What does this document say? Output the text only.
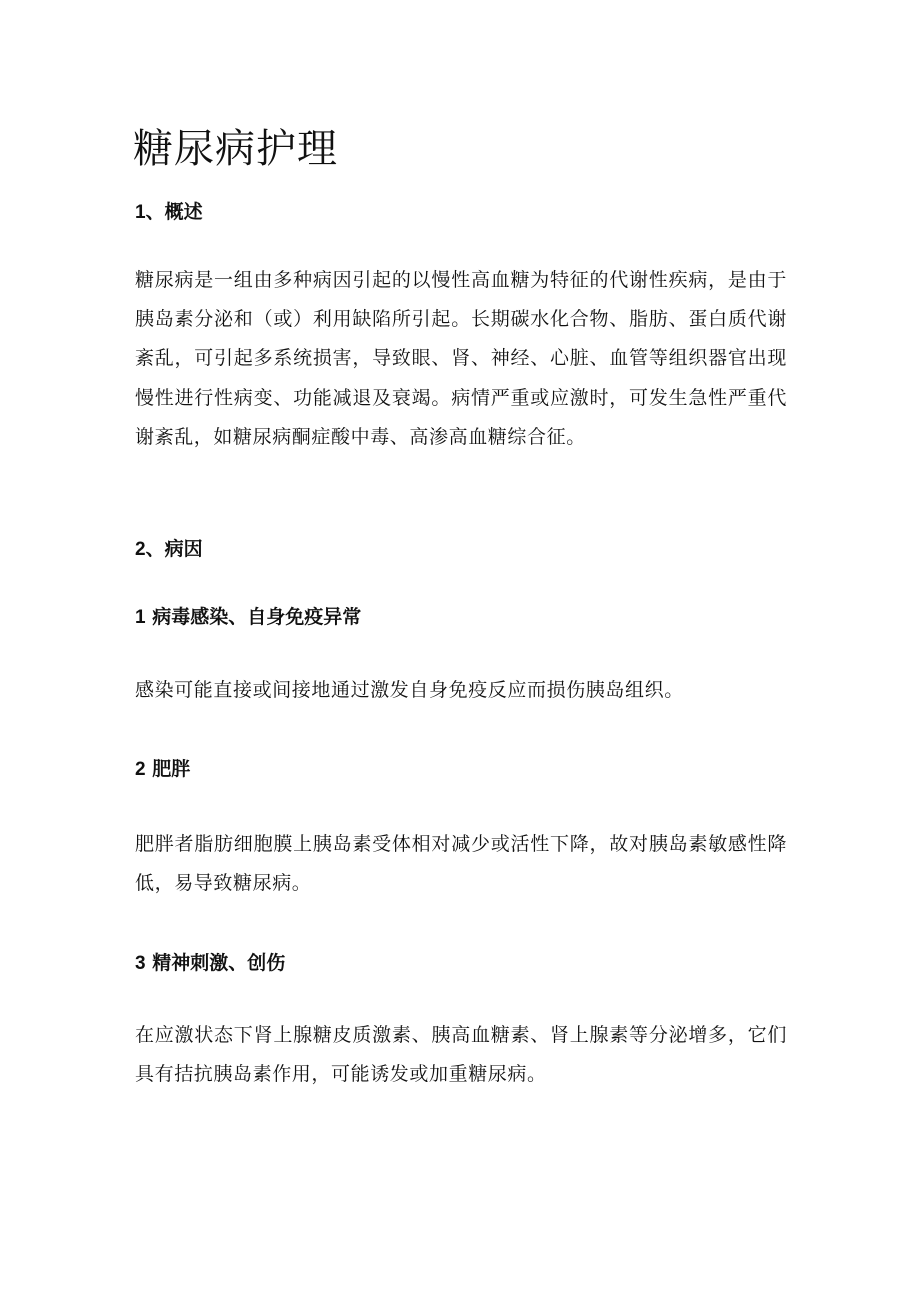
糖尿病护理
1、概述

糖尿病是一组由多种病因引起的以慢性高血糖为特征的代谢性疾病，是由于胰岛素分泌和（或）利用缺陷所引起。长期碳水化合物、脂肪、蛋白质代谢紊乱，可引起多系统损害，导致眼、肾、神经、心脏、血管等组织器官出现慢性进行性病变、功能减退及衰竭。病情严重或应激时，可发生急性严重代谢紊乱，如糖尿病酮症酸中毒、高渗高血糖综合征。

2、病因
1 病毒感染、自身免疫异常

感染可能直接或间接地通过激发自身免疫反应而损伤胰岛组织。

2 肥胖

肥胖者脂肪细胞膜上胰岛素受体相对减少或活性下降，故对胰岛素敏感性降低，易导致糖尿病。

3 精神刺激、创伤

在应激状态下肾上腺糖皮质激素、胰高血糖素、肾上腺素等分泌增多，它们具有拮抗胰岛素作用，可能诱发或加重糖尿病。
